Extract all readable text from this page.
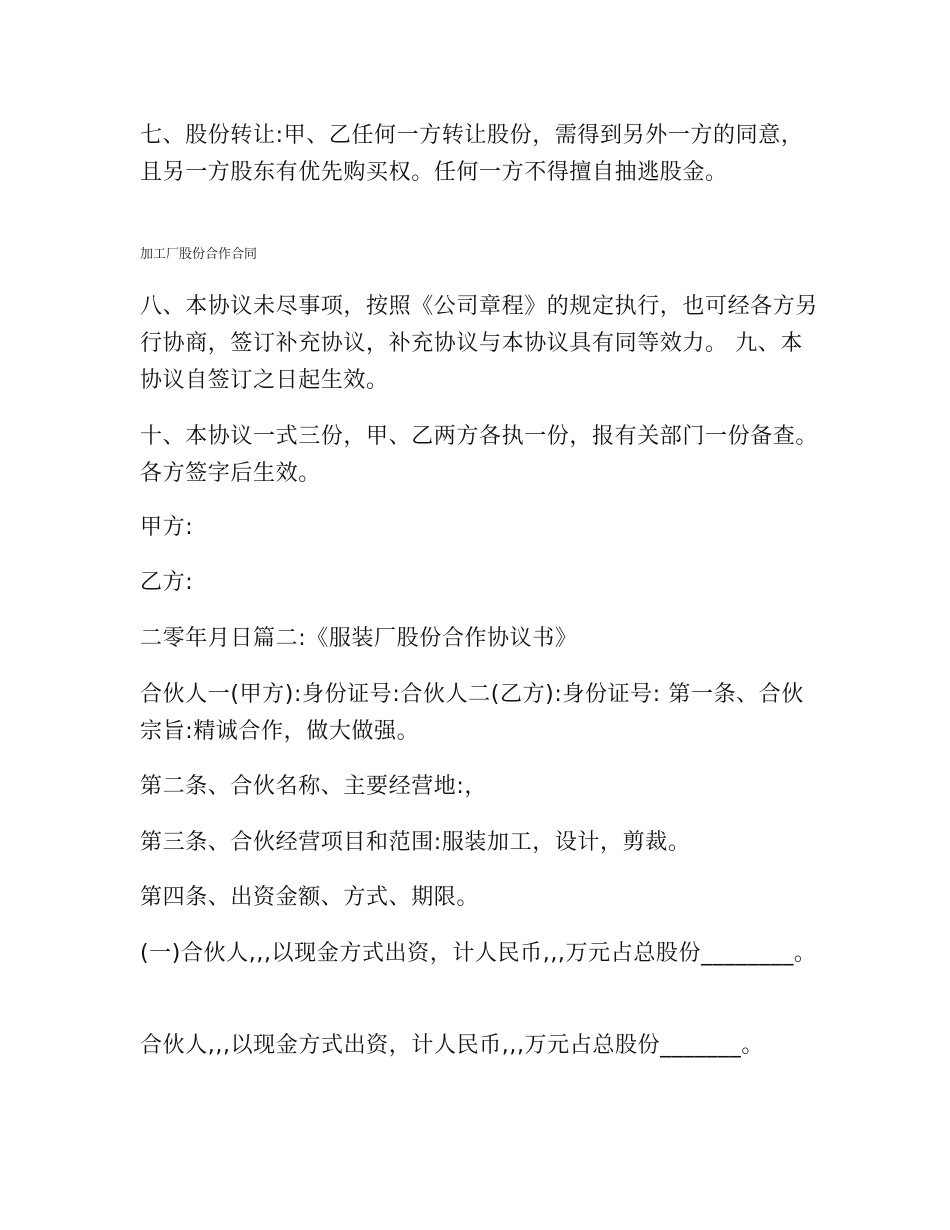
七、股份转让:甲、乙任何一方转让股份，需得到另外一方的同意，且另一方股东有优先购买权。任何一方不得擅自抽逃股金。

加工厂股份合作合同

八、本协议未尽事项，按照《公司章程》的规定执行，也可经各方另行协商，签订补充协议，补充协议与本协议具有同等效力。 九、本协议自签订之日起生效。

十、本协议一式三份，甲、乙两方各执一份，报有关部门一份备查。各方签字后生效。

甲方:

乙方:

二零年月日篇二:《服装厂股份合作协议书》

合伙人一(甲方):身份证号:合伙人二(乙方):身份证号: 第一条、合伙宗旨:精诚合作，做大做强。

第二条、合伙名称、主要经营地:，

第三条、合伙经营项目和范围:服装加工，设计，剪裁。

第四条、出资金额、方式、期限。

(一)合伙人,,,以现金方式出资，计人民币,,,万元占总股份________。

合伙人,,,以现金方式出资，计人民币,,,万元占总股份_______。
